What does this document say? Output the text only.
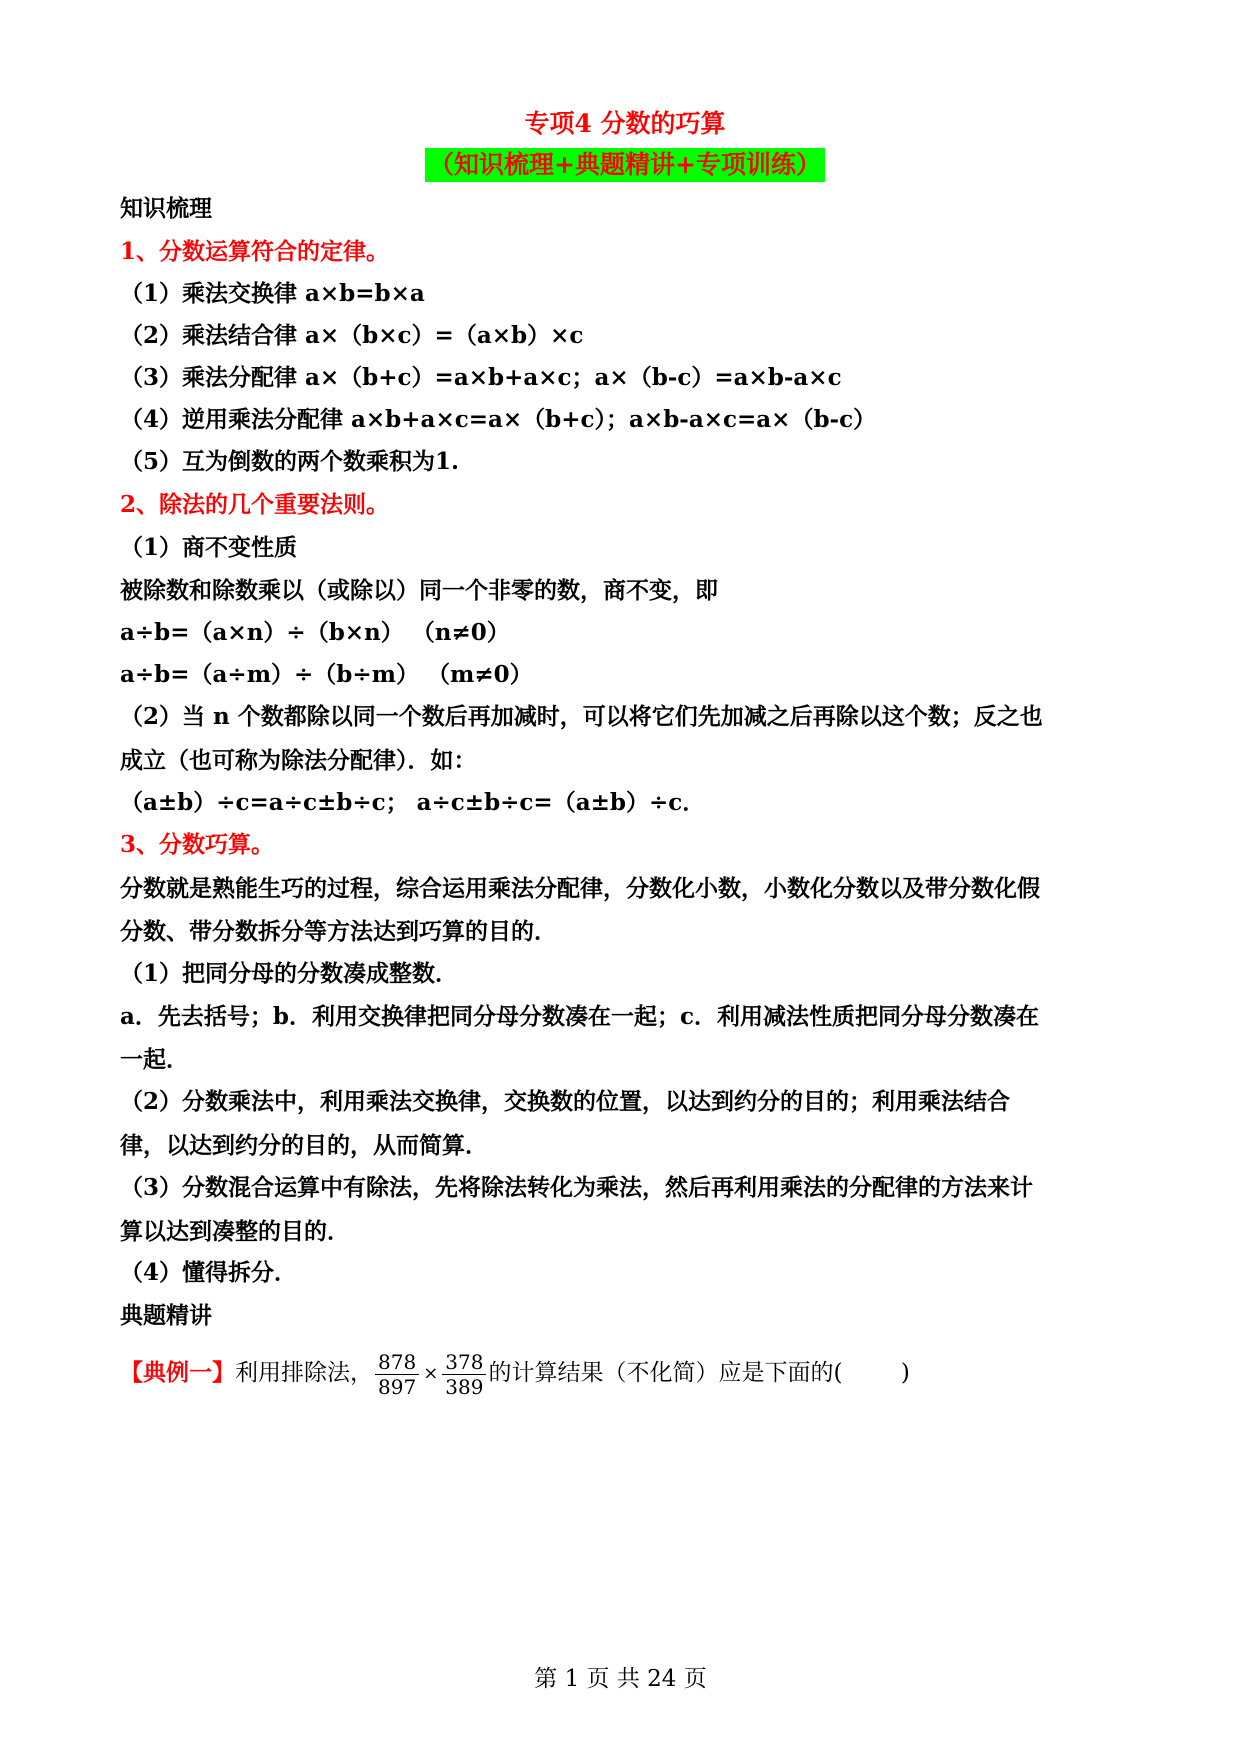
专项4 分数的巧算
（知识梳理+典题精讲+专项训练）
知识梳理
1、分数运算符合的定律。
（1）乘法交换律 a×b=b×a
（2）乘法结合律 a×（b×c）=（a×b）×c
（3）乘法分配律 a×（b+c）=a×b+a×c；a×（b-c）=a×b-a×c
（4）逆用乘法分配律 a×b+a×c=a×（b+c）；a×b-a×c=a×（b-c）
（5）互为倒数的两个数乘积为1.
2、除法的几个重要法则。
（1）商不变性质
被除数和除数乘以（或除以）同一个非零的数，商不变，即
a÷b=（a×n）÷（b×n） （n≠0）
a÷b=（a÷m）÷（b÷m） （m≠0）
（2）当 n 个数都除以同一个数后再加减时，可以将它们先加减之后再除以这个数；反之也
成立（也可称为除法分配律）．如：
（a±b）÷c=a÷c±b÷c； a÷c±b÷c=（a±b）÷c．
3、分数巧算。
分数就是熟能生巧的过程，综合运用乘法分配律，分数化小数，小数化分数以及带分数化假
分数、带分数拆分等方法达到巧算的目的．
（1）把同分母的分数凑成整数．
a．先去括号；b．利用交换律把同分母分数凑在一起；c．利用减法性质把同分母分数凑在
一起．
（2）分数乘法中，利用乘法交换律，交换数的位置，以达到约分的目的；利用乘法结合
律，以达到约分的目的，从而简算．
（3）分数混合运算中有除法，先将除法转化为乘法，然后再利用乘法的分配律的方法来计
算以达到凑整的目的．
（4）懂得拆分．
典题精讲
【典例一】利用排除法， $\frac{878}{897} \times \frac{378}{389}$ 的计算结果（不化简）应是下面的(        )
第 1 页 共 24 页
